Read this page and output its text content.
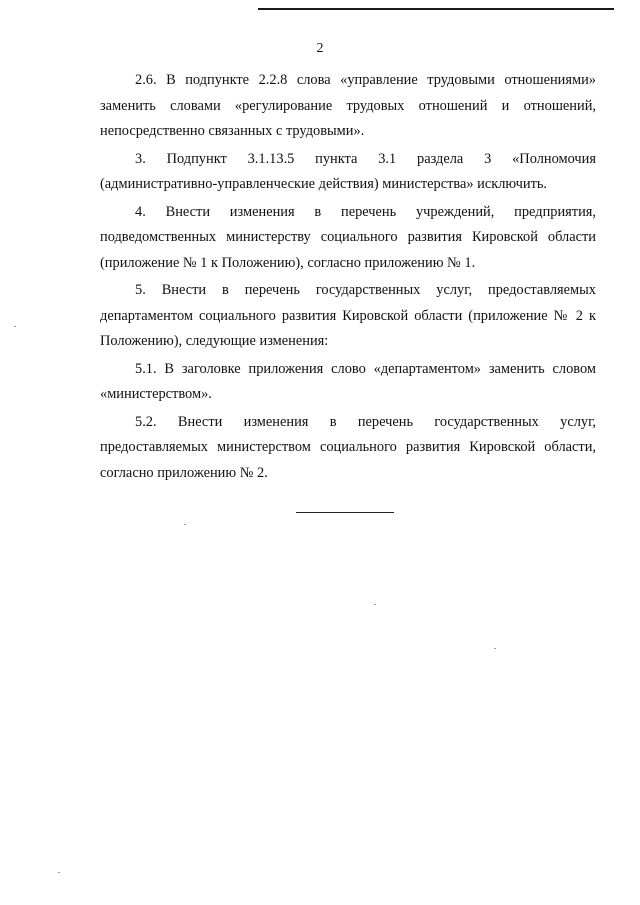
2

2.6. В подпункте 2.2.8 слова «управление трудовыми отношениями» заменить словами «регулирование трудовых отношений и отношений, непосредственно связанных с трудовыми».

3. Подпункт 3.1.13.5 пункта 3.1 раздела 3 «Полномочия (административно-управленческие действия) министерства» исключить.

4. Внести изменения в перечень учреждений, предприятия, подведомственных министерству социального развития Кировской области (приложение № 1 к Положению), согласно приложению № 1.

5. Внести в перечень государственных услуг, предоставляемых департаментом социального развития Кировской области (приложение № 2 к Положению), следующие изменения:

5.1. В заголовке приложения слово «департаментом» заменить словом «министерством».

5.2. Внести изменения в перечень государственных услуг, предоставляемых министерством социального развития Кировской области, согласно приложению № 2.
